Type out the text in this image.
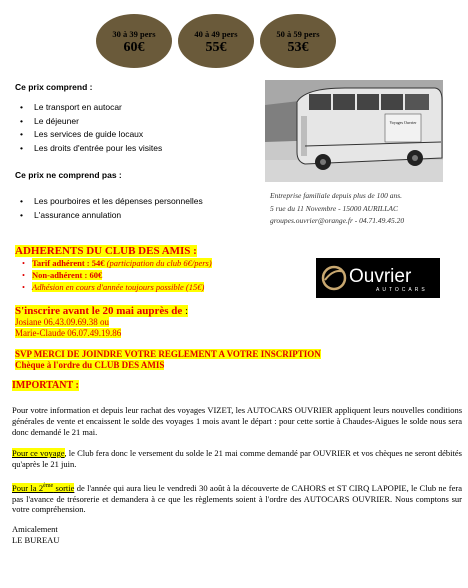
30 à 39 pers
60€
40 à 49 pers
55€
50 à 59 pers
53€
Ce prix comprend :
• Le transport en autocar
• Le déjeuner
• Les services de guide locaux
• Les droits d'entrée pour les visites
Ce prix ne comprend pas :
• Les pourboires et les dépenses personnelles
• L'assurance annulation
Voyages Ouvrier
Entreprise familiale depuis plus de 100 ans.
5 rue du 11 Novembre - 15000 AURILLAC
groupes.ouvrier@orange.fr - 04.71.49.45.20
ADHERENTS DU CLUB DES AMIS :
• Tarif adhérent : 54€ (participation du club 6€/pers)
• Non-adhérent : 60€
• Adhésion en cours d'année toujours possible (15€)	Ouvrier
AUTOCARS
S'inscrire avant le 20 mai auprès de :
Josiane 06.43.09.69.38 ou
Marie-Claude 06.07.49.19.86
SVP MERCI DE JOINDRE VOTRE REGLEMENT A VOTRE INSCRIPTION
Chèque à l'ordre du CLUB DES AMIS
IMPORTANT :
Pour votre information et depuis leur rachat des voyages VIZET, les AUTOCARS OUVRIER appliquent leurs nouvelles conditions générales de vente et encaissent le solde des voyages 1 mois avant le départ : pour cette sortie à Chaudes-Aigues le solde nous sera donc demandé le 21 mai.
Pour ce voyage, le Club fera donc le versement du solde le 21 mai comme demandé par OUVRIER et vos chèques ne seront débités qu'après le 21 juin.
Pour la 2ème sortie de l'année qui aura lieu le vendredi 30 août à la découverte de CAHORS et ST CIRQ LAPOPIE, le Club ne fera pas l'avance de trésorerie et demandera à ce que les règlements soient à l'ordre des AUTOCARS OUVRIER. Nous comptons sur votre compréhension.
Amicalement
LE BUREAU
